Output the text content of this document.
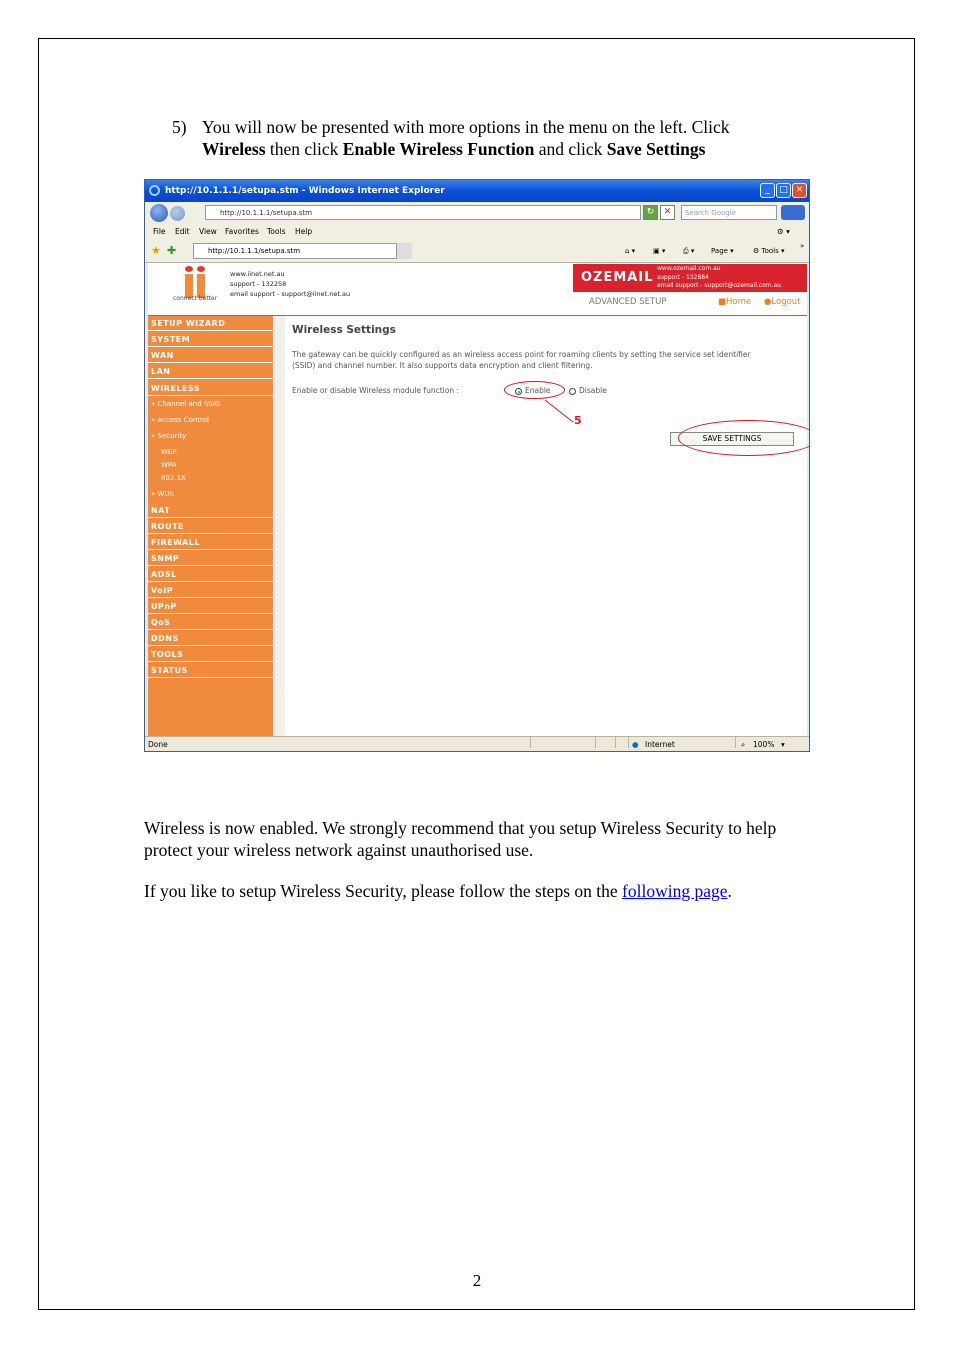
5) You will now be presented with more options in the menu on the left. Click
Wireless then click Enable Wireless Function and click Save Settings
http://10.1.1.1/setupa.stm - Windows Internet Explorer	_	□ ✕
http://10.1.1.1/setupa.stm	↻	✕	Search Google
File Edit View Favorites Tools Help	⚙ ▾
★ ✚	http://10.1.1.1/setupa.stm	⌂ ▾	▣ ▾	⎙ ▾ Page ▾	⚙ Tools ▾
»
connect better
www.iinet.net.au
support - 132258
email support - support@iinet.net.au
OZEMAIL
www.ozemail.com.au
support - 132884
email support - support@ozemail.com.au
ADVANCED SETUP	■Home ●Logout
SETUP WIZARD
SYSTEM
WAN
LAN
WIRELESS
» Channel and SSID
» Access Control
» Security
WEP
WPA
802.1X
» WDS
NAT
ROUTE
FIREWALL
SNMP
ADSL
VoIP
UPnP
QoS
DDNS
TOOLS
STATUS
Wireless Settings
The gateway can be quickly configured as an wireless access point for roaming clients by setting the service set identifier (SSID) and channel number. It also supports data encryption and client filtering.
Enable or disable Wireless module function :	Enable	Disable
5
SAVE SETTINGS
Done	● Internet	⌕ 100% ▾
Wireless is now enabled. We strongly recommend that you setup Wireless Security to help protect your wireless network against unauthorised use.
If you like to setup Wireless Security, please follow the steps on the following page.
2
